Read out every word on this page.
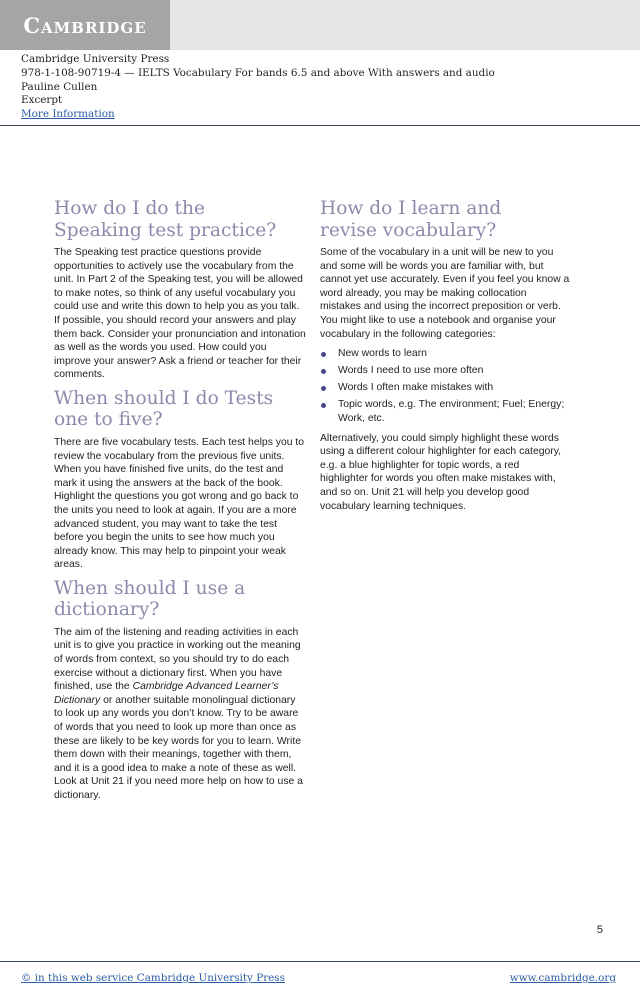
Cambridge
Cambridge University Press
978-1-108-90719-4 — IELTS Vocabulary For bands 6.5 and above With answers and audio
Pauline Cullen
Excerpt
More Information
How do I do the
Speaking test practice?

The Speaking test practice questions provide opportunities to actively use the vocabulary from the unit. In Part 2 of the Speaking test, you will be allowed to make notes, so think of any useful vocabulary you could use and write this down to help you as you talk. If possible, you should record your answers and play them back. Consider your pronunciation and intonation as well as the words you used. How could you improve your answer? Ask a friend or teacher for their comments.

When should I do Tests one to five?

There are five vocabulary tests. Each test helps you to review the vocabulary from the previous five units. When you have finished five units, do the test and mark it using the answers at the back of the book. Highlight the questions you got wrong and go back to the units you need to look at again. If you are a more advanced student, you may want to take the test before you begin the units to see how much you already know. This may help to pinpoint your weak areas.

When should I use a dictionary?

The aim of the listening and reading activities in each unit is to give you practice in working out the meaning of words from context, so you should try to do each exercise without a dictionary first. When you have finished, use the Cambridge Advanced Learner’s Dictionary or another suitable monolingual dictionary to look up any words you don’t know. Try to be aware of words that you need to look up more than once as these are likely to be key words for you to learn. Write them down with their meanings, together with them, and it is a good idea to make a note of these as well. Look at Unit 21 if you need more help on how to use a dictionary.

How do I learn and
revise vocabulary?

Some of the vocabulary in a unit will be new to you and some will be words you are familiar with, but cannot yet use accurately. Even if you feel you know a word already, you may be making collocation mistakes and using the incorrect preposition or verb. You might like to use a notebook and organise your vocabulary in the following categories:

New words to learn
Words I need to use more often
Words I often make mistakes with
Topic words, e.g. The environment; Fuel; Energy; Work, etc.

Alternatively, you could simply highlight these words using a different colour highlighter for each category, e.g. a blue highlighter for topic words, a red highlighter for words you often make mistakes with, and so on. Unit 21 will help you develop good vocabulary learning techniques.

5
© in this web service Cambridge University Press	www.cambridge.org
